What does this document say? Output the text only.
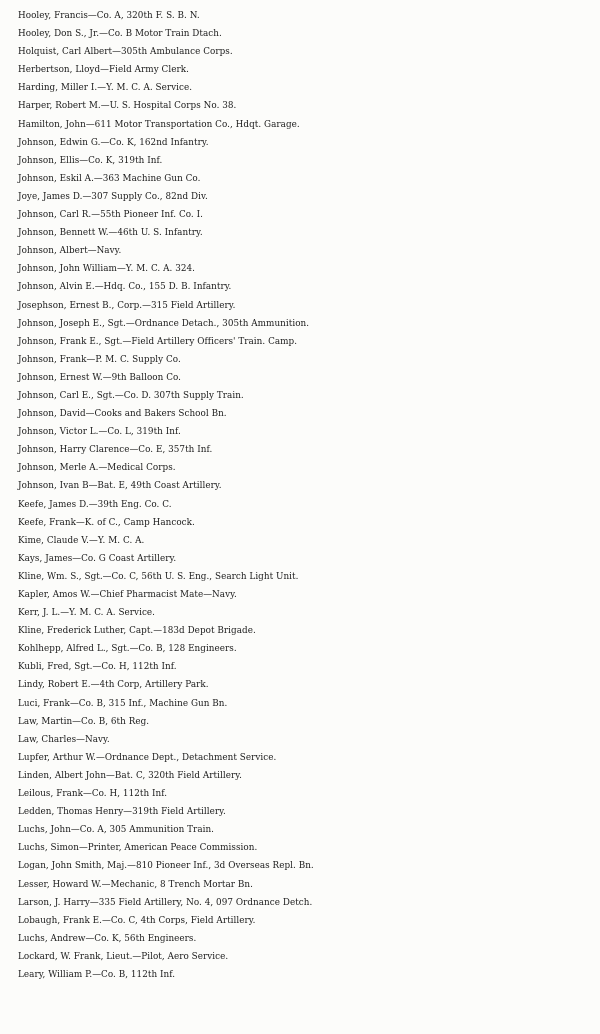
Hooley, Francis—Co. A, 320th F. S. B. N.
Hooley, Don S., Jr.—Co. B Motor Train Dtach.
Holquist, Carl Albert—305th Ambulance Corps.
Herbertson, Lloyd—Field Army Clerk.
Harding, Miller I.—Y. M. C. A. Service.
Harper, Robert M.—U. S. Hospital Corps No. 38.
Hamilton, John—611 Motor Transportation Co., Hdqt. Garage.
Johnson, Edwin G.—Co. K, 162nd Infantry.
Johnson, Ellis—Co. K, 319th Inf.
Johnson, Eskil A.—363 Machine Gun Co.
Joye, James D.—307 Supply Co., 82nd Div.
Johnson, Carl R.—55th Pioneer Inf. Co. I.
Johnson, Bennett W.—46th U. S. Infantry.
Johnson, Albert—Navy.
Johnson, John William—Y. M. C. A. 324.
Johnson, Alvin E.—Hdq. Co., 155 D. B. Infantry.
Josephson, Ernest B., Corp.—315 Field Artillery.
Johnson, Joseph E., Sgt.—Ordnance Detach., 305th Ammunition.
Johnson, Frank E., Sgt.—Field Artillery Officers' Train. Camp.
Johnson, Frank—P. M. C. Supply Co.
Johnson, Ernest W.—9th Balloon Co.
Johnson, Carl E., Sgt.—Co. D. 307th Supply Train.
Johnson, David—Cooks and Bakers School Bn.
Johnson, Victor L.—Co. L, 319th Inf.
Johnson, Harry Clarence—Co. E, 357th Inf.
Johnson, Merle A.—Medical Corps.
Johnson, Ivan B—Bat. E, 49th Coast Artillery.
Keefe, James D.—39th Eng. Co. C.
Keefe, Frank—K. of C., Camp Hancock.
Kime, Claude V.—Y. M. C. A.
Kays, James—Co. G Coast Artillery.
Kline, Wm. S., Sgt.—Co. C, 56th U. S. Eng., Search Light Unit.
Kapler, Amos W.—Chief Pharmacist Mate—Navy.
Kerr, J. L.—Y. M. C. A. Service.
Kline, Frederick Luther, Capt.—183d Depot Brigade.
Kohlhepp, Alfred L., Sgt.—Co. B, 128 Engineers.
Kubli, Fred, Sgt.—Co. H, 112th Inf.
Lindy, Robert E.—4th Corp, Artillery Park.
Luci, Frank—Co. B, 315 Inf., Machine Gun Bn.
Law, Martin—Co. B, 6th Reg.
Law, Charles—Navy.
Lupfer, Arthur W.—Ordnance Dept., Detachment Service.
Linden, Albert John—Bat. C, 320th Field Artillery.
Leilous, Frank—Co. H, 112th Inf.
Ledden, Thomas Henry—319th Field Artillery.
Luchs, John—Co. A, 305 Ammunition Train.
Luchs, Simon—Printer, American Peace Commission.
Logan, John Smith, Maj.—810 Pioneer Inf., 3d Overseas Repl. Bn.
Lesser, Howard W.—Mechanic, 8 Trench Mortar Bn.
Larson, J. Harry—335 Field Artillery, No. 4, 097 Ordnance Detch.
Lobaugh, Frank E.—Co. C, 4th Corps, Field Artillery.
Luchs, Andrew—Co. K, 56th Engineers.
Lockard, W. Frank, Lieut.—Pilot, Aero Service.
Leary, William P.—Co. B, 112th Inf.
